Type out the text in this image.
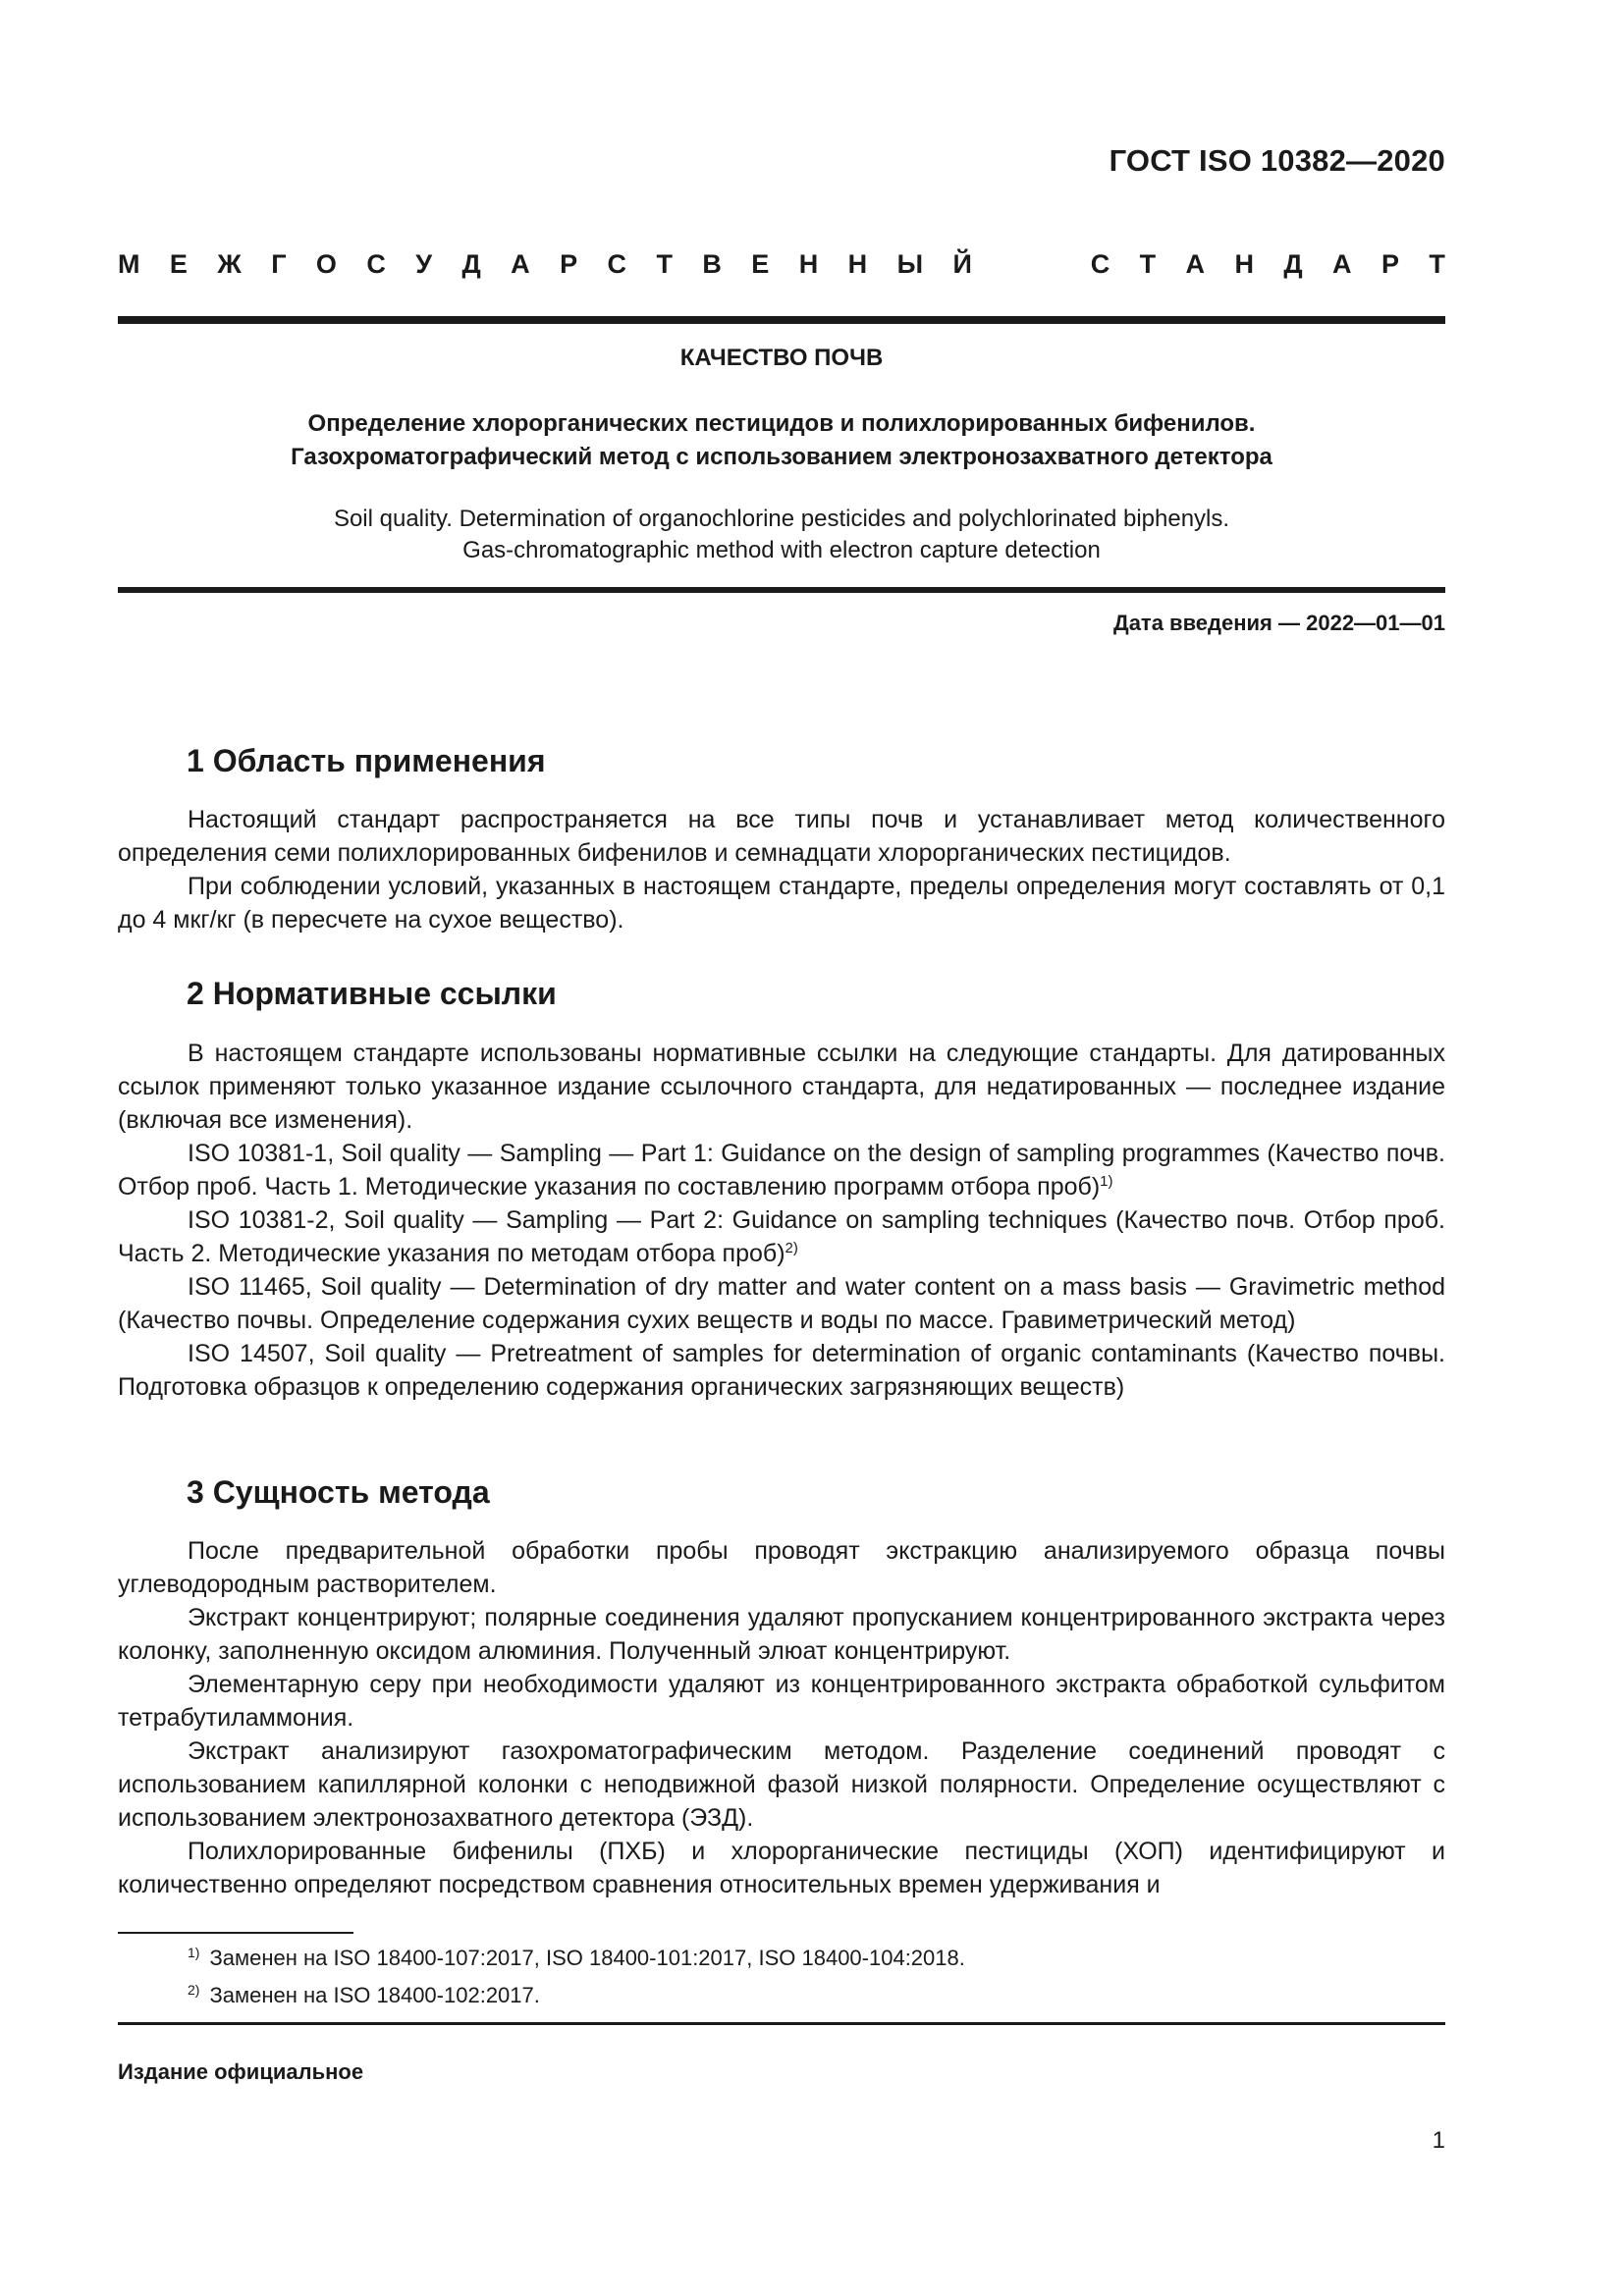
ГОСТ ISO 10382—2020
М Е Ж Г О С У Д А Р С Т В Е Н Н Ы Й	С Т А Н Д А Р Т
КАЧЕСТВО ПОЧВ
Определение хлорорганических пестицидов и полихлорированных бифенилов.
Газохроматографический метод с использованием электронозахватного детектора
Soil quality. Determination of organochlorine pesticides and polychlorinated biphenyls.
Gas-chromatographic method with electron capture detection
Дата введения — 2022—01—01
1 Область применения

Настоящий стандарт распространяется на все типы почв и устанавливает метод количественного определения семи полихлорированных бифенилов и семнадцати хлорорганических пестицидов.

При соблюдении условий, указанных в настоящем стандарте, пределы определения могут составлять от 0,1 до 4 мкг/кг (в пересчете на сухое вещество).

2 Нормативные ссылки

В настоящем стандарте использованы нормативные ссылки на следующие стандарты. Для датированных ссылок применяют только указанное издание ссылочного стандарта, для недатированных — последнее издание (включая все изменения).

ISO 10381-1, Soil quality — Sampling — Part 1: Guidance on the design of sampling programmes (Качество почв. Отбор проб. Часть 1. Методические указания по составлению программ отбора проб)$^{1)}$

ISO 10381-2, Soil quality — Sampling — Part 2: Guidance on sampling techniques (Качество почв. Отбор проб. Часть 2. Методические указания по методам отбора проб)$^{2)}$

ISO 11465, Soil quality — Determination of dry matter and water content on a mass basis — Gravimetric method (Качество почвы. Определение содержания сухих веществ и воды по массе. Гравиметрический метод)

ISO 14507, Soil quality — Pretreatment of samples for determination of organic contaminants (Качество почвы. Подготовка образцов к определению содержания органических загрязняющих веществ)

3 Сущность метода

После предварительной обработки пробы проводят экстракцию анализируемого образца почвы углеводородным растворителем.

Экстракт концентрируют; полярные соединения удаляют пропусканием концентрированного экстракта через колонку, заполненную оксидом алюминия. Полученный элюат концентрируют.

Элементарную серу при необходимости удаляют из концентрированного экстракта обработкой сульфитом тетрабутиламмония.

Экстракт анализируют газохроматографическим методом. Разделение соединений проводят с использованием капиллярной колонки с неподвижной фазой низкой полярности. Определение осуществляют с использованием электронозахватного детектора (ЭЗД).

Полихлорированные бифенилы (ПХБ) и хлорорганические пестициды (ХОП) идентифицируют и количественно определяют посредством сравнения относительных времен удерживания и

$^{1)}$ Заменен на ISO 18400-107:2017, ISO 18400-101:2017, ISO 18400-104:2018.
$^{2)}$ Заменен на ISO 18400-102:2017.
Издание официальное
1
